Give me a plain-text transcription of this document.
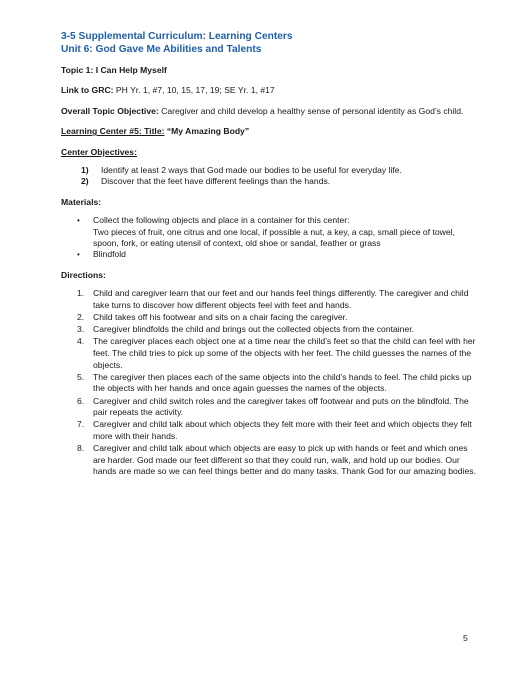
3-5 Supplemental Curriculum: Learning Centers
Unit 6: God Gave Me Abilities and Talents

Topic 1: I Can Help Myself

Link to GRC: PH Yr. 1, #7, 10, 15, 17, 19; SE Yr. 1, #17

Overall Topic Objective: Caregiver and child develop a healthy sense of personal identity as God’s child.

Learning Center #5: Title: “My Amazing Body”

Center Objectives:

1)	Identify at least 2 ways that God made our bodies to be useful for everyday life.
2)	Discover that the feet have different feelings than the hands.

Materials:

•	Collect the following objects and place in a container for this center:
Two pieces of fruit, one citrus and one local, if possible a nut, a key, a cap, small piece of towel, spoon, fork, or eating utensil of context, old shoe or sandal, feather or grass
•	Blindfold

Directions:

1.	Child and caregiver learn that our feet and our hands feel things differently. The caregiver and child take turns to discover how different objects feel with feet and hands.
2.	Child takes off his footwear and sits on a chair facing the caregiver.
3.	Caregiver blindfolds the child and brings out the collected objects from the container.
4.	The caregiver places each object one at a time near the child’s feet so that the child can feel with her feet. The child tries to pick up some of the objects with her feet. The child guesses the names of the objects.
5.	The caregiver then places each of the same objects into the child’s hands to feel. The child picks up the objects with her hands and once again guesses the names of the objects.
6.	Caregiver and child switch roles and the caregiver takes off footwear and puts on the blindfold. The pair repeats the activity.
7.	Caregiver and child talk about which objects they felt more with their feet and which objects they felt more with their hands.
8.	Caregiver and child talk about which objects are easy to pick up with hands or feet and which ones are harder. God made our feet different so that they could run, walk, and hold up our bodies. Our hands are made so we can feel things better and do many tasks. Thank God for our amazing bodies.
5
